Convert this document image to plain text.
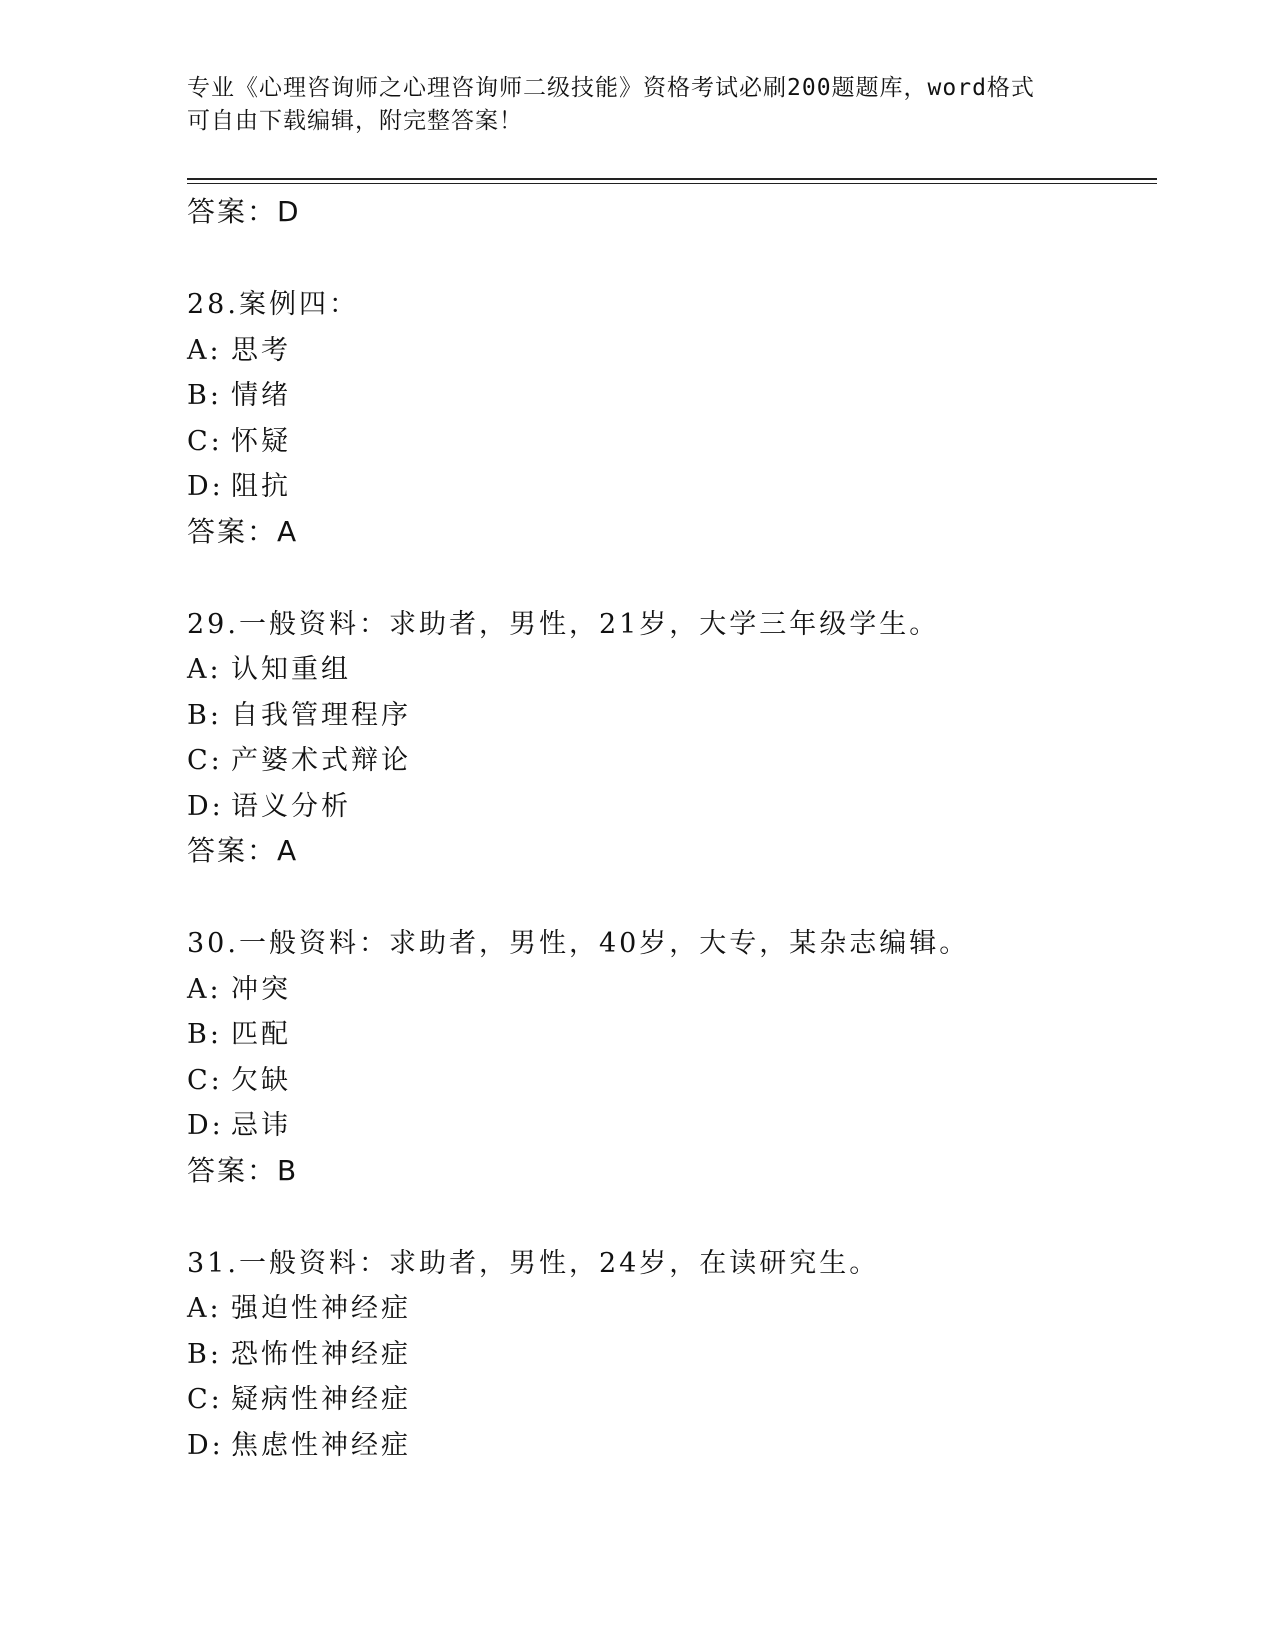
专业《心理咨询师之心理咨询师二级技能》资格考试必刷200题题库，word格式
可自由下载编辑，附完整答案！
答案：D
28.案例四：
A: 思考
B: 情绪
C: 怀疑
D: 阻抗
答案：A
29.一般资料：求助者，男性，21岁，大学三年级学生。
A: 认知重组
B: 自我管理程序
C: 产婆术式辩论
D: 语义分析
答案：A
30.一般资料：求助者，男性，40岁，大专，某杂志编辑。
A: 冲突
B: 匹配
C: 欠缺
D: 忌讳
答案：B
31.一般资料：求助者，男性，24岁，在读研究生。
A: 强迫性神经症
B: 恐怖性神经症
C: 疑病性神经症
D: 焦虑性神经症
